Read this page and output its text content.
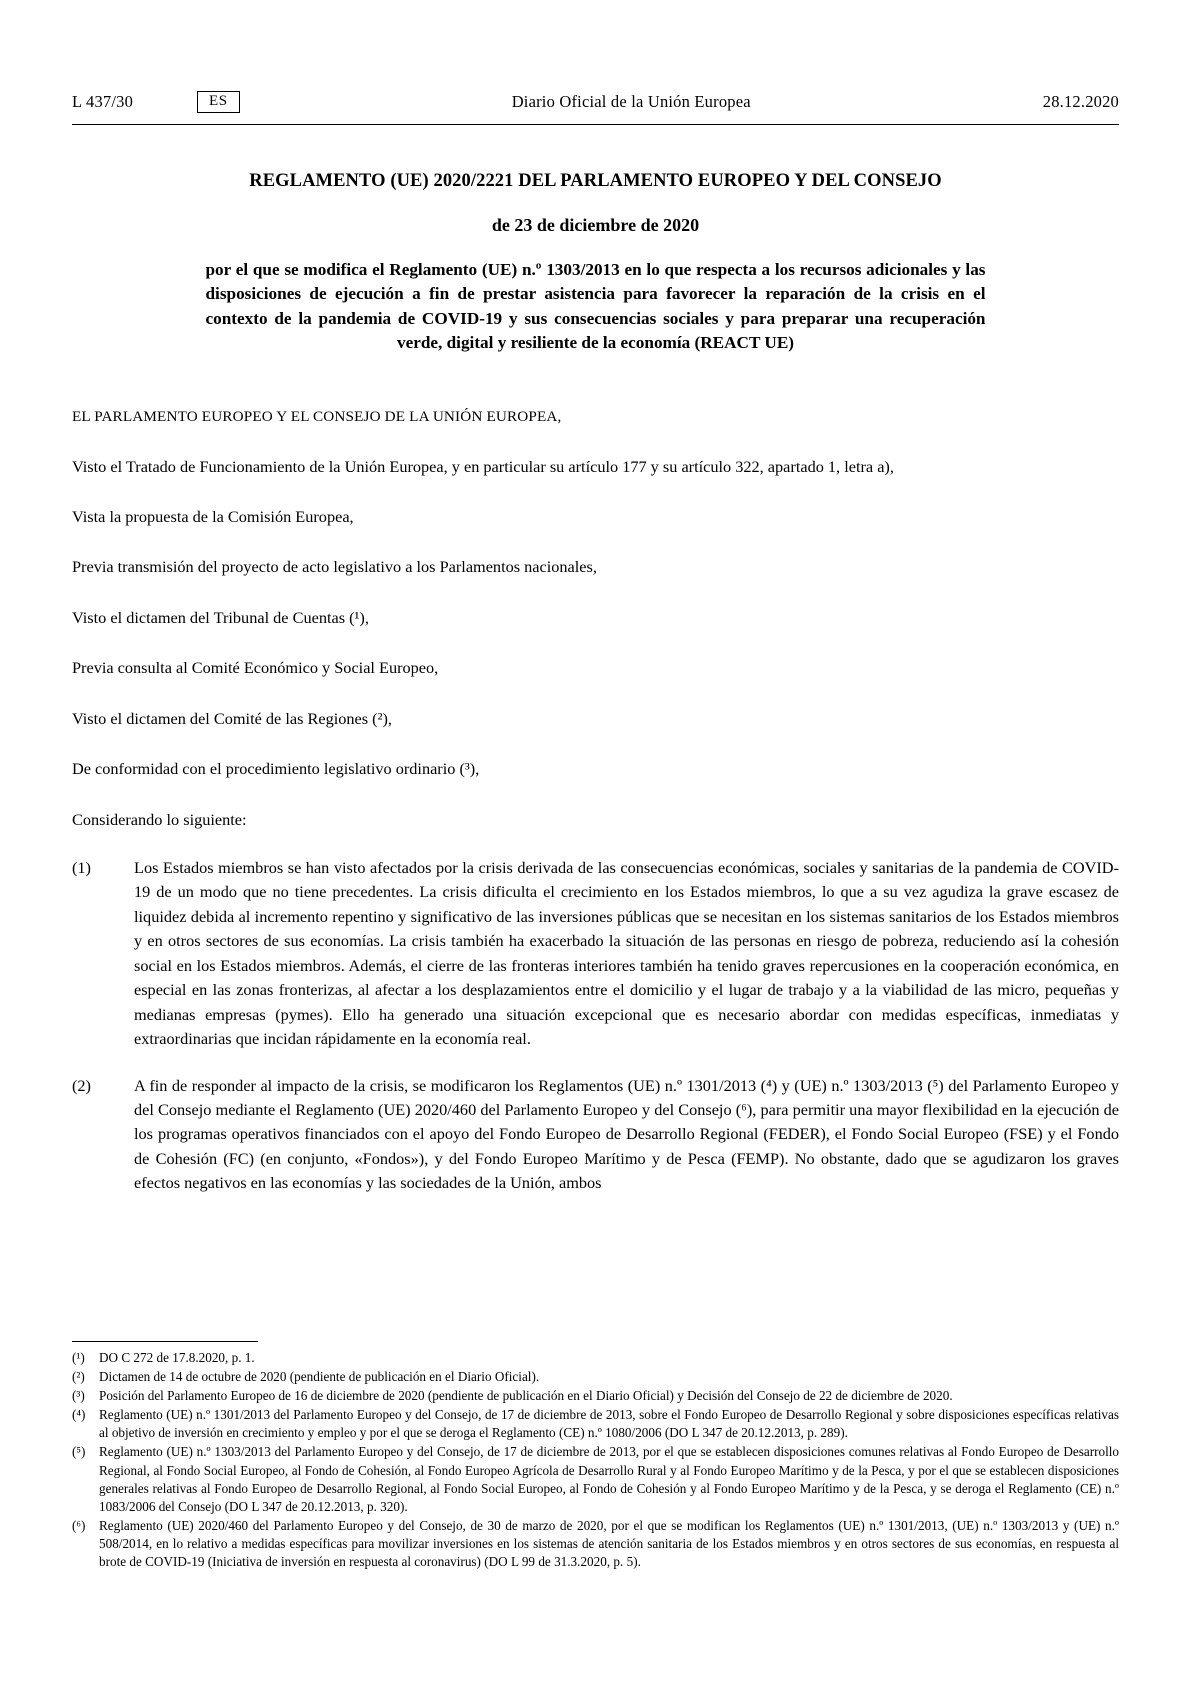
L 437/30	ES	Diario Oficial de la Unión Europea	28.12.2020
REGLAMENTO (UE) 2020/2221 DEL PARLAMENTO EUROPEO Y DEL CONSEJO
de 23 de diciembre de 2020
por el que se modifica el Reglamento (UE) n.º 1303/2013 en lo que respecta a los recursos adicionales y las disposiciones de ejecución a fin de prestar asistencia para favorecer la reparación de la crisis en el contexto de la pandemia de COVID-19 y sus consecuencias sociales y para preparar una recuperación verde, digital y resiliente de la economía (REACT UE)
EL PARLAMENTO EUROPEO Y EL CONSEJO DE LA UNIÓN EUROPEA,
Visto el Tratado de Funcionamiento de la Unión Europea, y en particular su artículo 177 y su artículo 322, apartado 1, letra a),
Vista la propuesta de la Comisión Europea,
Previa transmisión del proyecto de acto legislativo a los Parlamentos nacionales,
Visto el dictamen del Tribunal de Cuentas (¹),
Previa consulta al Comité Económico y Social Europeo,
Visto el dictamen del Comité de las Regiones (²),
De conformidad con el procedimiento legislativo ordinario (³),
Considerando lo siguiente:
(1)	Los Estados miembros se han visto afectados por la crisis derivada de las consecuencias económicas, sociales y sanitarias de la pandemia de COVID-19 de un modo que no tiene precedentes. La crisis dificulta el crecimiento en los Estados miembros, lo que a su vez agudiza la grave escasez de liquidez debida al incremento repentino y significativo de las inversiones públicas que se necesitan en los sistemas sanitarios de los Estados miembros y en otros sectores de sus economías. La crisis también ha exacerbado la situación de las personas en riesgo de pobreza, reduciendo así la cohesión social en los Estados miembros. Además, el cierre de las fronteras interiores también ha tenido graves repercusiones en la cooperación económica, en especial en las zonas fronterizas, al afectar a los desplazamientos entre el domicilio y el lugar de trabajo y a la viabilidad de las micro, pequeñas y medianas empresas (pymes). Ello ha generado una situación excepcional que es necesario abordar con medidas específicas, inmediatas y extraordinarias que incidan rápidamente en la economía real.
(2)	A fin de responder al impacto de la crisis, se modificaron los Reglamentos (UE) n.º 1301/2013 (⁴) y (UE) n.º 1303/2013 (⁵) del Parlamento Europeo y del Consejo mediante el Reglamento (UE) 2020/460 del Parlamento Europeo y del Consejo (⁶), para permitir una mayor flexibilidad en la ejecución de los programas operativos financiados con el apoyo del Fondo Europeo de Desarrollo Regional (FEDER), el Fondo Social Europeo (FSE) y el Fondo de Cohesión (FC) (en conjunto, «Fondos»), y del Fondo Europeo Marítimo y de Pesca (FEMP). No obstante, dado que se agudizaron los graves efectos negativos en las economías y las sociedades de la Unión, ambos
(¹)	DO C 272 de 17.8.2020, p. 1.
(²)	Dictamen de 14 de octubre de 2020 (pendiente de publicación en el Diario Oficial).
(³)	Posición del Parlamento Europeo de 16 de diciembre de 2020 (pendiente de publicación en el Diario Oficial) y Decisión del Consejo de 22 de diciembre de 2020.
(⁴)	Reglamento (UE) n.º 1301/2013 del Parlamento Europeo y del Consejo, de 17 de diciembre de 2013, sobre el Fondo Europeo de Desarrollo Regional y sobre disposiciones específicas relativas al objetivo de inversión en crecimiento y empleo y por el que se deroga el Reglamento (CE) n.º 1080/2006 (DO L 347 de 20.12.2013, p. 289).
(⁵)	Reglamento (UE) n.º 1303/2013 del Parlamento Europeo y del Consejo, de 17 de diciembre de 2013, por el que se establecen disposiciones comunes relativas al Fondo Europeo de Desarrollo Regional, al Fondo Social Europeo, al Fondo de Cohesión, al Fondo Europeo Agrícola de Desarrollo Rural y al Fondo Europeo Marítimo y de la Pesca, y por el que se establecen disposiciones generales relativas al Fondo Europeo de Desarrollo Regional, al Fondo Social Europeo, al Fondo de Cohesión y al Fondo Europeo Marítimo y de la Pesca, y se deroga el Reglamento (CE) n.º 1083/2006 del Consejo (DO L 347 de 20.12.2013, p. 320).
(⁶)	Reglamento (UE) 2020/460 del Parlamento Europeo y del Consejo, de 30 de marzo de 2020, por el que se modifican los Reglamentos (UE) n.º 1301/2013, (UE) n.º 1303/2013 y (UE) n.º 508/2014, en lo relativo a medidas específicas para movilizar inversiones en los sistemas de atención sanitaria de los Estados miembros y en otros sectores de sus economías, en respuesta al brote de COVID-19 (Iniciativa de inversión en respuesta al coronavirus) (DO L 99 de 31.3.2020, p. 5).
